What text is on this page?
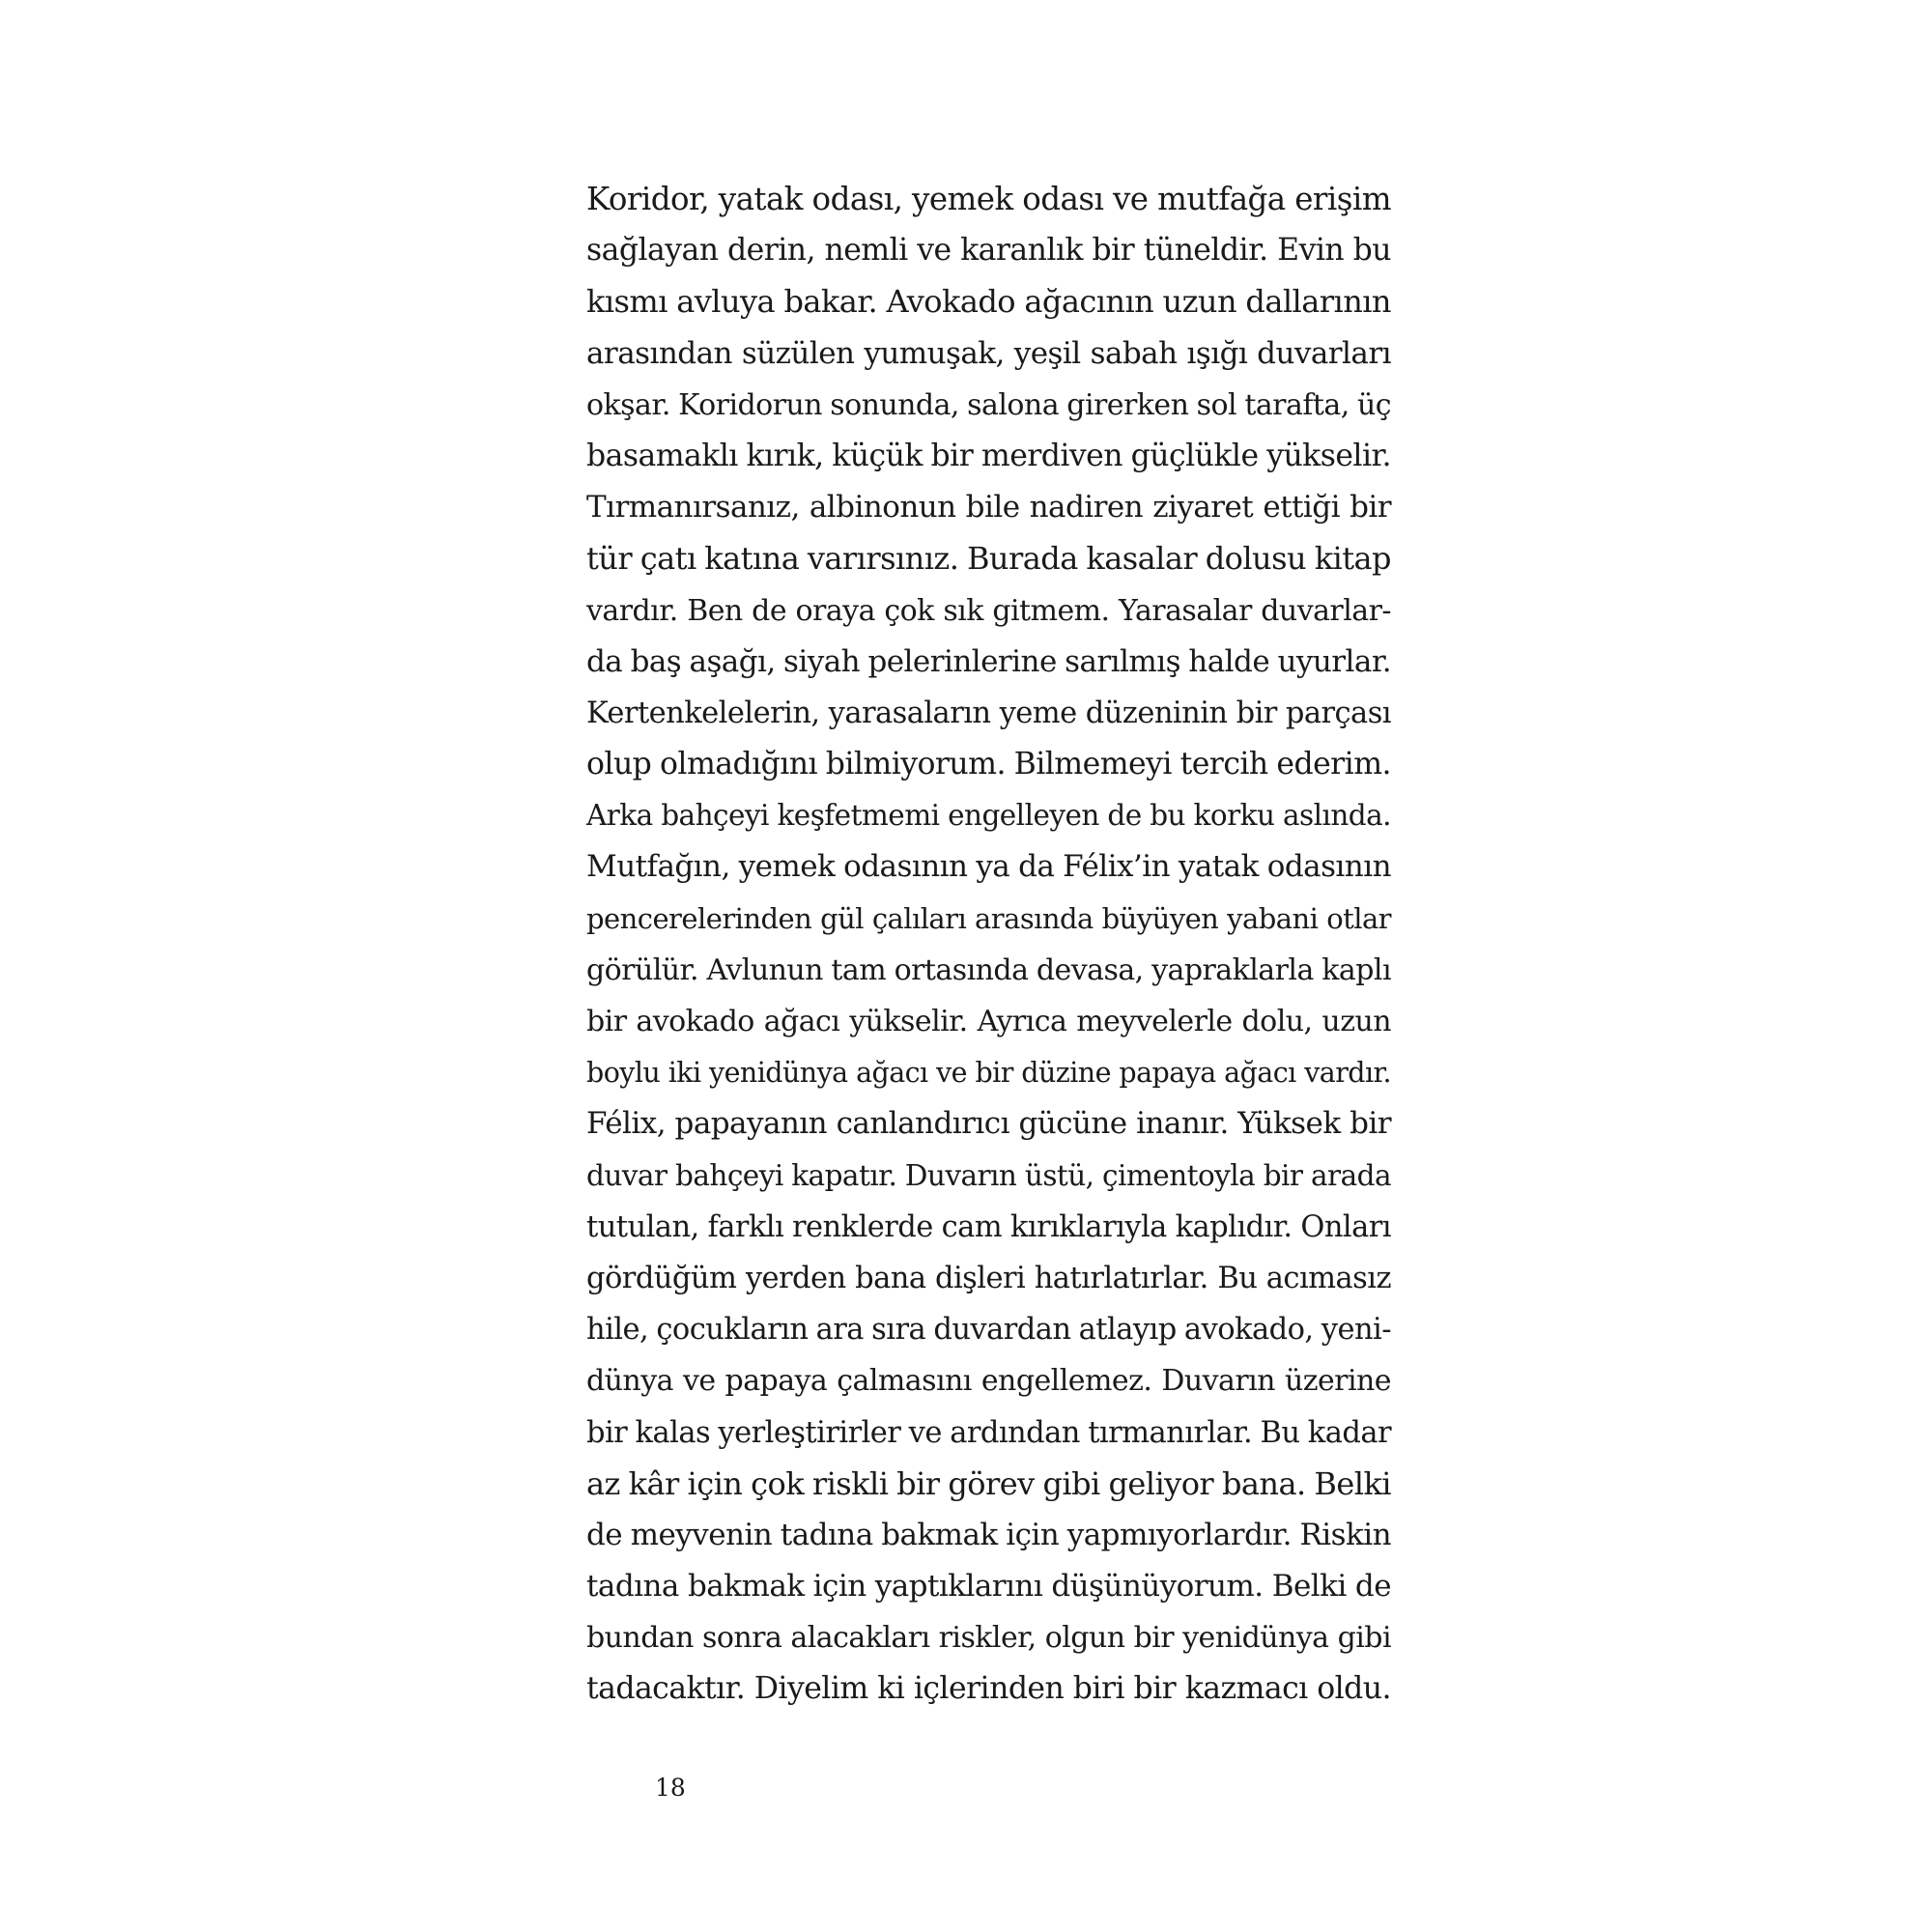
Koridor, yatak odası, yemek odası ve mutfağa erişim
sağlayan derin, nemli ve karanlık bir tüneldir. Evin bu
kısmı avluya bakar. Avokado ağacının uzun dallarının
arasından süzülen yumuşak, yeşil sabah ışığı duvarları
okşar. Koridorun sonunda, salona girerken sol tarafta, üç
basamaklı kırık, küçük bir merdiven güçlükle yükselir.
Tırmanırsanız, albinonun bile nadiren ziyaret ettiği bir
tür çatı katına varırsınız. Burada kasalar dolusu kitap
vardır. Ben de oraya çok sık gitmem. Yarasalar duvarlar-
da baş aşağı, siyah pelerinlerine sarılmış halde uyurlar.
Kertenkelelerin, yarasaların yeme düzeninin bir parçası
olup olmadığını bilmiyorum. Bilmemeyi tercih ederim.
Arka bahçeyi keşfetmemi engelleyen de bu korku aslında.
Mutfağın, yemek odasının ya da Félix’in yatak odasının
pencerelerinden gül çalıları arasında büyüyen yabani otlar
görülür. Avlunun tam ortasında devasa, yapraklarla kaplı
bir avokado ağacı yükselir. Ayrıca meyvelerle dolu, uzun
boylu iki yenidünya ağacı ve bir düzine papaya ağacı vardır.
Félix, papayanın canlandırıcı gücüne inanır. Yüksek bir
duvar bahçeyi kapatır. Duvarın üstü, çimentoyla bir arada
tutulan, farklı renklerde cam kırıklarıyla kaplıdır. Onları
gördüğüm yerden bana dişleri hatırlatırlar. Bu acımasız
hile, çocukların ara sıra duvardan atlayıp avokado, yeni-
dünya ve papaya çalmasını engellemez. Duvarın üzerine
bir kalas yerleştirirler ve ardından tırmanırlar. Bu kadar
az kâr için çok riskli bir görev gibi geliyor bana. Belki
de meyvenin tadına bakmak için yapmıyorlardır. Riskin
tadına bakmak için yaptıklarını düşünüyorum. Belki de
bundan sonra alacakları riskler, olgun bir yenidünya gibi
tadacaktır. Diyelim ki içlerinden biri bir kazmacı oldu.
18
